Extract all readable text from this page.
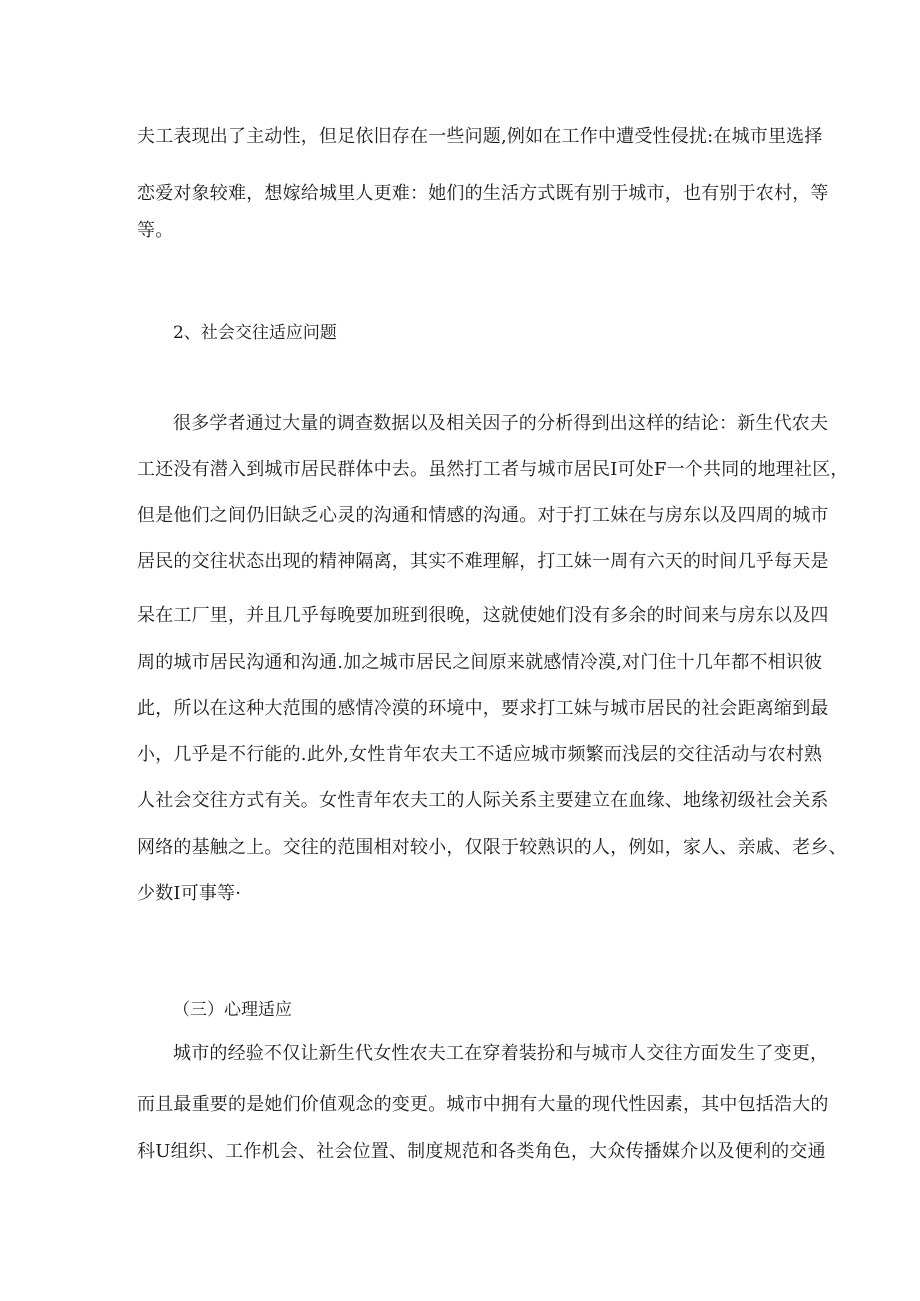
夫工表现出了主动性，但足依旧存在一些问题,例如在工作中遭受性侵扰:在城市里选择
恋爱对象较难，想嫁给城里人更难：她们的生活方式既有别于城市，也有别于农村，等
等。
2、社会交往适应问题
很多学者通过大量的调查数据以及相关因子的分析得到出这样的结论：新生代农夫
工还没有潜入到城市居民群体中去。虽然打工者与城市居民I可处F一个共同的地理社区，
但是他们之间仍旧缺乏心灵的沟通和情感的沟通。对于打工妹在与房东以及四周的城市
居民的交往状态出现的精神隔离，其实不难理解，打工妹一周有六天的时间几乎每天是
呆在工厂里，并且几乎每晚要加班到很晚，这就使她们没有多余的时间来与房东以及四
周的城市居民沟通和沟通.加之城市居民之间原来就感情冷漠,对门住十几年都不相识彼
此，所以在这种大范围的感情冷漠的环境中，要求打工妹与城市居民的社会距离缩到最
小，几乎是不行能的.此外,女性肯年农夫工不适应城市频繁而浅层的交往活动与农村熟
人社会交往方式有关。女性青年农夫工的人际关系主要建立在血缘、地缘初级社会关系
网络的基触之上。交往的范围相对较小，仅限于较熟识的人，例如，家人、亲戚、老乡、
少数I可事等·
（三）心理适应
城市的经验不仅让新生代女性农夫工在穿着装扮和与城市人交往方面发生了变更，
而且最重要的是她们价值观念的变更。城市中拥有大量的现代性因素，其中包括浩大的
科U组织、工作机会、社会位置、制度规范和各类角色，大众传播媒介以及便利的交通
